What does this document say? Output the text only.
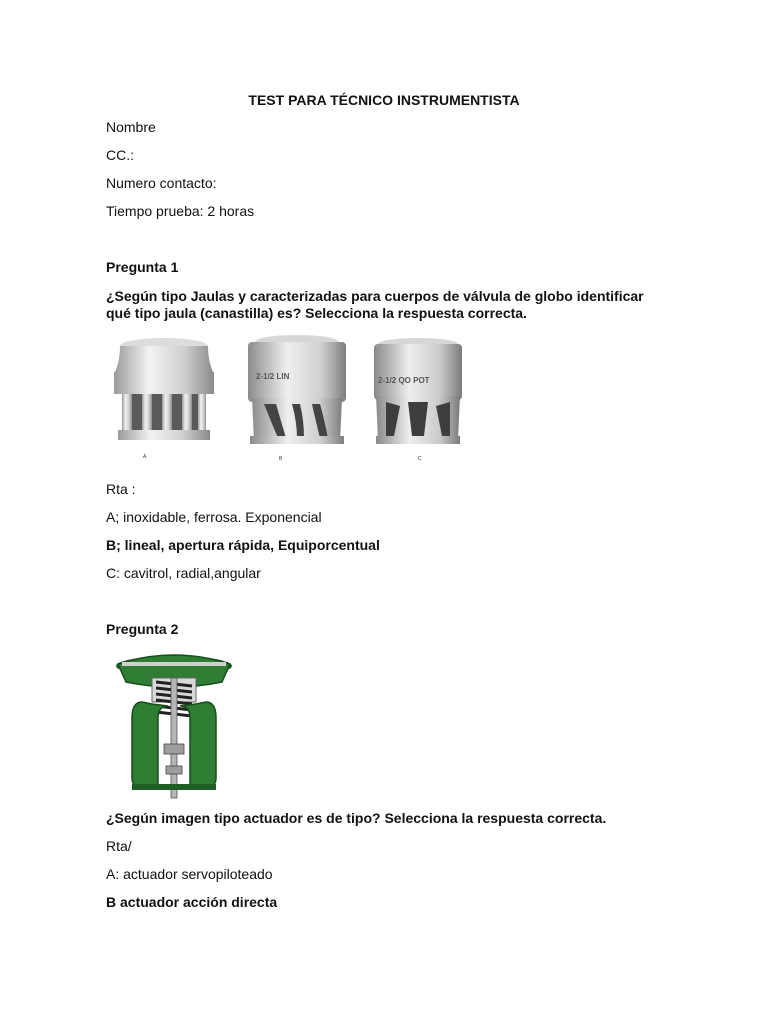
TEST PARA TÉCNICO INSTRUMENTISTA
Nombre
CC.:
Numero contacto:
Tiempo prueba: 2 horas
Pregunta 1
¿Según tipo Jaulas y caracterizadas para cuerpos de válvula de globo identificar qué tipo jaula (canastilla) es? Selecciona la respuesta correcta.
A
2-1/2 LIN
B
2-1/2 QO POT
C
Rta :
A; inoxidable, ferrosa. Exponencial
B; lineal, apertura rápida, Equiporcentual
C: cavitrol, radial,angular
Pregunta 2
¿Según imagen tipo actuador es de tipo? Selecciona la respuesta correcta.
Rta/
A: actuador servopiloteado
B actuador acción directa
